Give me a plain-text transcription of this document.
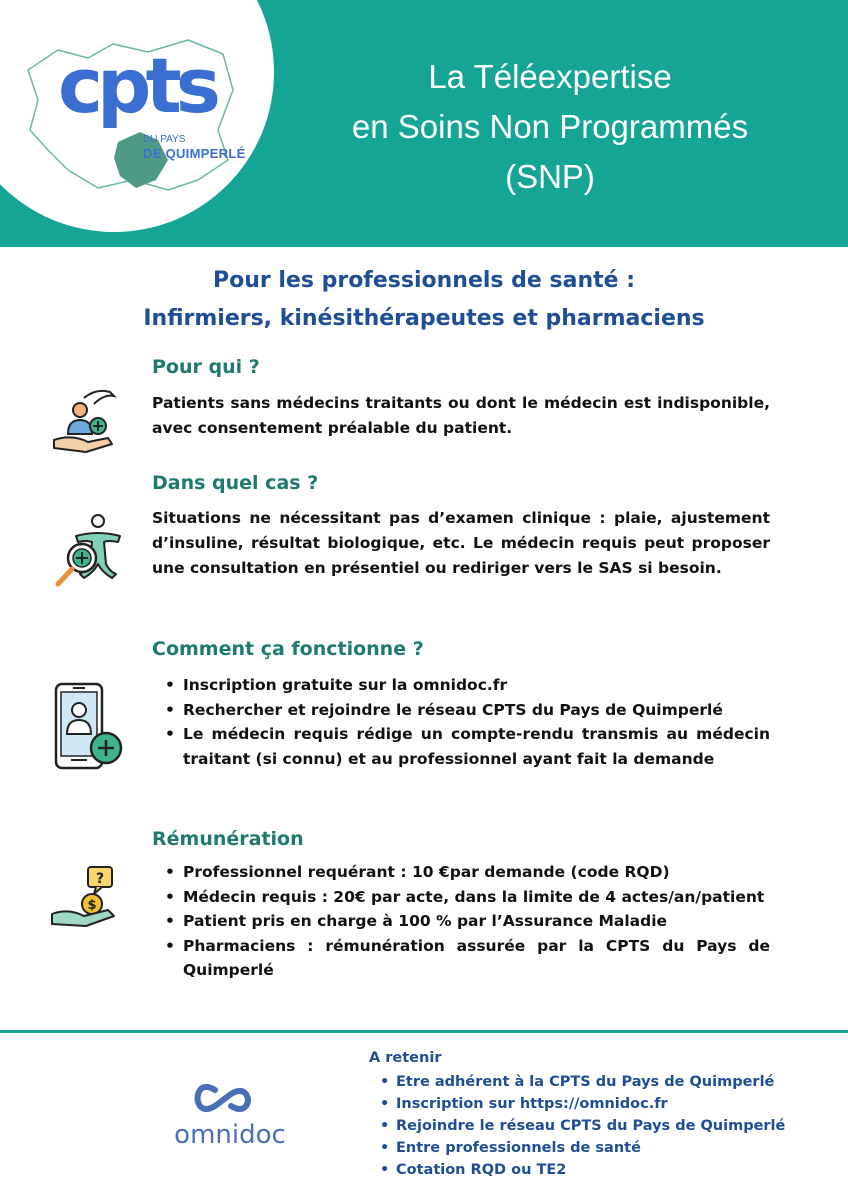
cpts
DU PAYS
DE QUIMPERLÉ
La Téléexpertise
en Soins Non Programmés
(SNP)
Pour les professionnels de santé :
Infirmiers, kinésithérapeutes et pharmaciens
Pour qui ?
Patients sans médecins traitants ou dont le médecin est indisponible, avec consentement préalable du patient.
Dans quel cas ?
Situations ne nécessitant pas d’examen clinique : plaie, ajustement d’insuline, résultat biologique, etc. Le médecin requis peut proposer une consultation en présentiel ou rediriger vers le SAS si besoin.
Comment ça fonctionne ?
• Inscription gratuite sur la omnidoc.fr
• Rechercher et rejoindre le réseau CPTS du Pays de Quimperlé
• Le médecin requis rédige un compte-rendu transmis au médecin traitant (si connu) et au professionnel ayant fait la demande
Rémunération
?
$
• Professionnel requérant : 10 €par demande (code RQD)
• Médecin requis : 20€ par acte, dans la limite de 4 actes/an/patient
• Patient pris en charge à 100 % par l’Assurance Maladie
• Pharmaciens : rémunération assurée par la CPTS du Pays de Quimperlé
omnidoc
A retenir
• Etre adhérent à la CPTS du Pays de Quimperlé
• Inscription sur https://omnidoc.fr
• Rejoindre le réseau CPTS du Pays de Quimperlé
• Entre professionnels de santé
• Cotation RQD ou TE2
